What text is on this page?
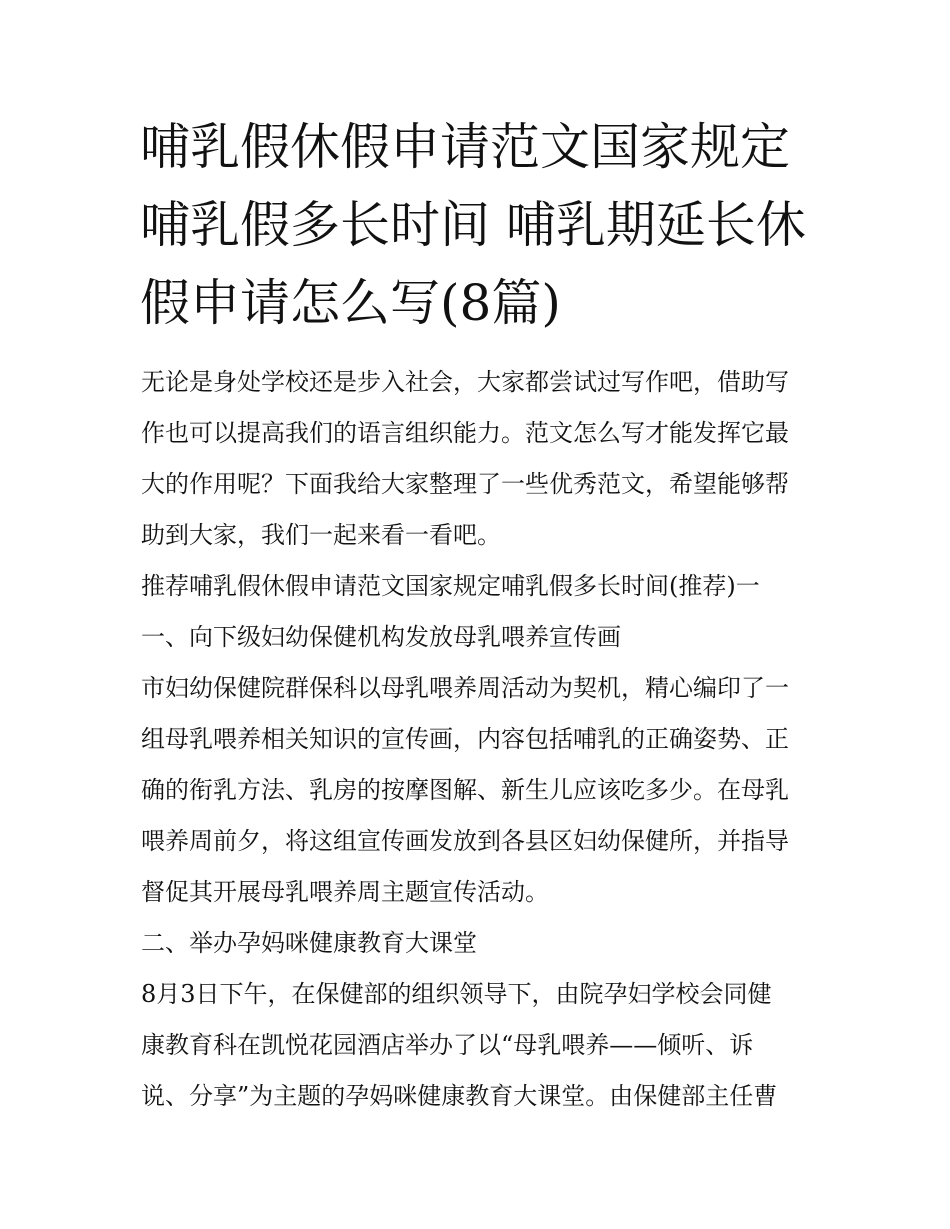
哺乳假休假申请范文国家规定
哺乳假多长时间 哺乳期延长休
假申请怎么写(8篇)
无论是身处学校还是步入社会，大家都尝试过写作吧，借助写
作也可以提高我们的语言组织能力。范文怎么写才能发挥它最
大的作用呢？下面我给大家整理了一些优秀范文，希望能够帮
助到大家，我们一起来看一看吧。
推荐哺乳假休假申请范文国家规定哺乳假多长时间(推荐)一
一、向下级妇幼保健机构发放母乳喂养宣传画
市妇幼保健院群保科以母乳喂养周活动为契机，精心编印了一
组母乳喂养相关知识的宣传画，内容包括哺乳的正确姿势、正
确的衔乳方法、乳房的按摩图解、新生儿应该吃多少。在母乳
喂养周前夕，将这组宣传画发放到各县区妇幼保健所，并指导
督促其开展母乳喂养周主题宣传活动。
二、举办孕妈咪健康教育大课堂
8月3日下午，在保健部的组织领导下，由院孕妇学校会同健
康教育科在凯悦花园酒店举办了以“母乳喂养——倾听、诉
说、分享”为主题的孕妈咪健康教育大课堂。由保健部主任曹
